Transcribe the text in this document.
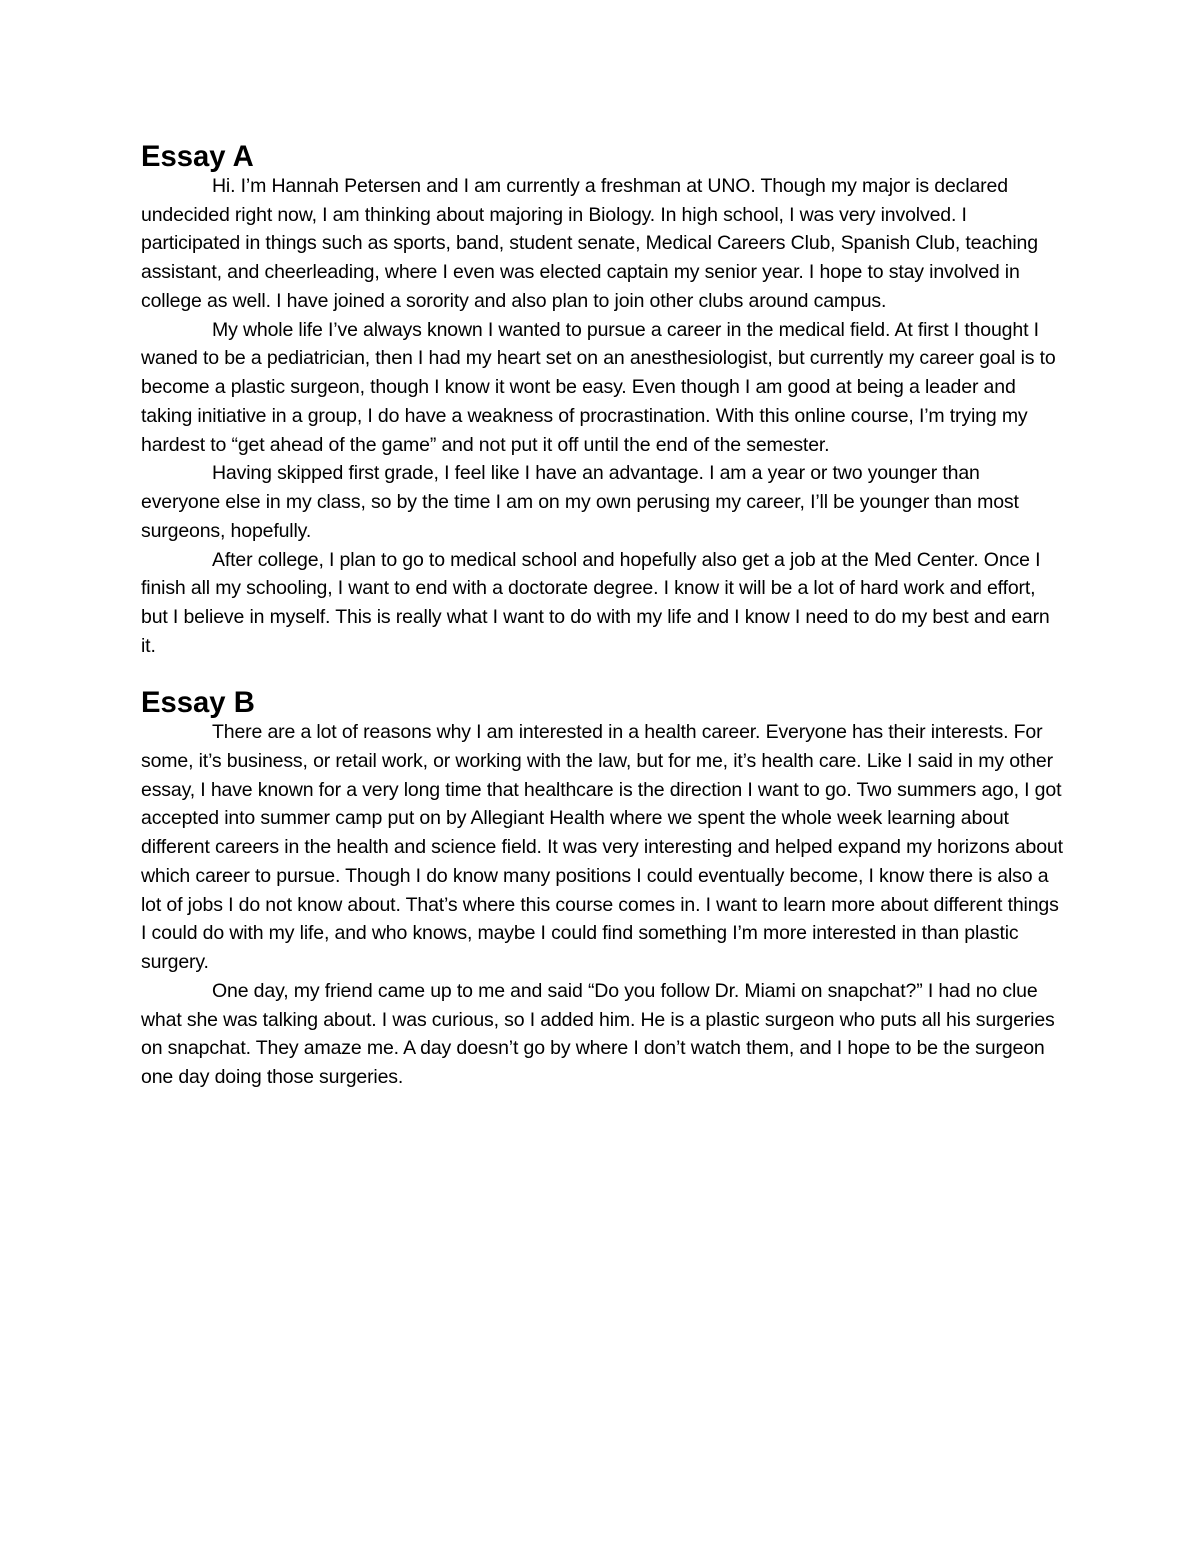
Essay A

Hi. I’m Hannah Petersen and I am currently a freshman at UNO. Though my major is declared undecided right now, I am thinking about majoring in Biology. In high school, I was very involved. I participated in things such as sports, band, student senate, Medical Careers Club, Spanish Club, teaching assistant, and cheerleading, where I even was elected captain my senior year. I hope to stay involved in college as well. I have joined a sorority and also plan to join other clubs around campus.

My whole life I’ve always known I wanted to pursue a career in the medical field. At first I thought I waned to be a pediatrician, then I had my heart set on an anesthesiologist, but currently my career goal is to become a plastic surgeon, though I know it wont be easy. Even though I am good at being a leader and taking initiative in a group, I do have a weakness of procrastination. With this online course, I’m trying my hardest to “get ahead of the game” and not put it off until the end of the semester.

Having skipped first grade, I feel like I have an advantage. I am a year or two younger than everyone else in my class, so by the time I am on my own perusing my career, I’ll be younger than most surgeons, hopefully.

After college, I plan to go to medical school and hopefully also get a job at the Med Center. Once I finish all my schooling, I want to end with a doctorate degree. I know it will be a lot of hard work and effort, but I believe in myself. This is really what I want to do with my life and I know I need to do my best and earn it.

Essay B

There are a lot of reasons why I am interested in a health career. Everyone has their interests. For some, it’s business, or retail work, or working with the law, but for me, it’s health care. Like I said in my other essay, I have known for a very long time that healthcare is the direction I want to go. Two summers ago, I got accepted into summer camp put on by Allegiant Health where we spent the whole week learning about different careers in the health and science field. It was very interesting and helped expand my horizons about which career to pursue. Though I do know many positions I could eventually become, I know there is also a lot of jobs I do not know about. That’s where this course comes in. I want to learn more about different things I could do with my life, and who knows, maybe I could find something I’m more interested in than plastic surgery.

One day, my friend came up to me and said “Do you follow Dr. Miami on snapchat?” I had no clue what she was talking about. I was curious, so I added him. He is a plastic surgeon who puts all his surgeries on snapchat. They amaze me. A day doesn’t go by where I don’t watch them, and I hope to be the surgeon one day doing those surgeries.
